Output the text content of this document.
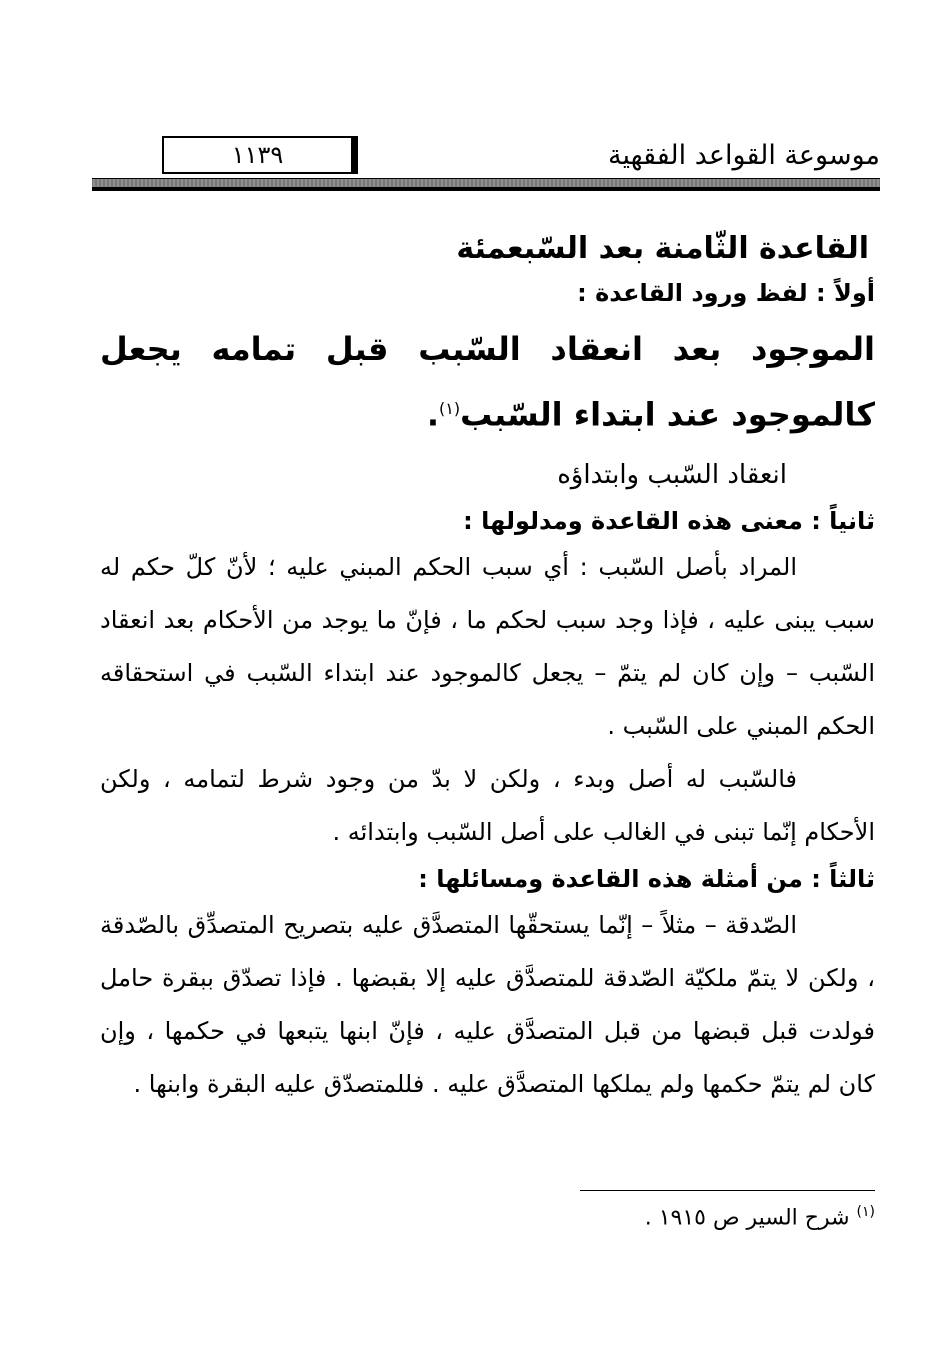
موسوعة القواعد الفقهية
١١٣٩
القاعدة الثّامنة بعد السّبعمئة
أولاً : لفظ ورود القاعدة :
الموجود بعد انعقاد السّبب قبل تمامه يجعل كالموجود عند ابتداء السّبب$^{(١)}$.
انعقاد السّبب وابتداؤه
ثانياً : معنى هذه القاعدة ومدلولها :
المراد بأصل السّبب : أي سبب الحكم المبني عليه ؛ لأنّ كلّ حكم له سبب يبنى عليه ، فإذا وجد سبب لحكم ما ، فإنّ ما يوجد من الأحكام بعد انعقاد السّبب – وإن كان لم يتمّ – يجعل كالموجود عند ابتداء السّبب في استحقاقه الحكم المبني على السّبب .
فالسّبب له أصل وبدء ، ولكن لا بدّ من وجود شرط لتمامه ، ولكن الأحكام إنّما تبنى في الغالب على أصل السّبب وابتدائه .
ثالثاً : من أمثلة هذه القاعدة ومسائلها :
الصّدقة – مثلاً – إنّما يستحقّها المتصدَّق عليه بتصريح المتصدِّق بالصّدقة ، ولكن لا يتمّ ملكيّة الصّدقة للمتصدَّق عليه إلا بقبضها . فإذا تصدّق ببقرة حامل فولدت قبل قبضها من قبل المتصدَّق عليه ، فإنّ ابنها يتبعها في حكمها ، وإن كان لم يتمّ حكمها ولم يملكها المتصدَّق عليه . فللمتصدّق عليه البقرة وابنها .
$^{(١)}$ شرح السير ص ١٩١٥ .
